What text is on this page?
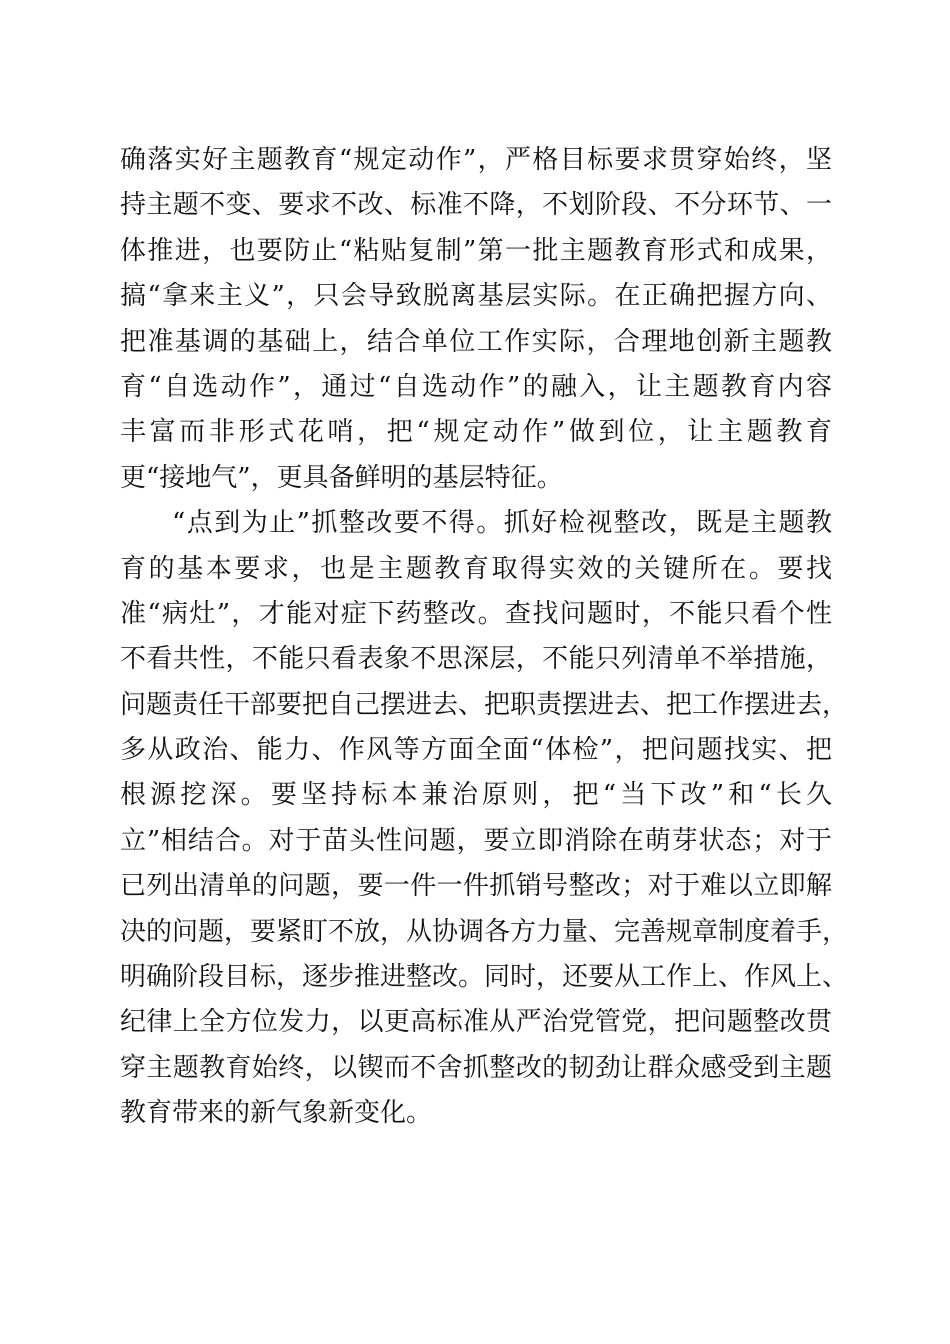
确落实好主题教育“规定动作”，严格目标要求贯穿始终，坚
持主题不变、要求不改、标准不降，不划阶段、不分环节、一
体推进，也要防止“粘贴复制”第一批主题教育形式和成果，
搞“拿来主义”，只会导致脱离基层实际。在正确把握方向、
把准基调的基础上，结合单位工作实际，合理地创新主题教
育“自选动作”，通过“自选动作”的融入，让主题教育内容
丰富而非形式花哨，把“规定动作”做到位，让主题教育
更“接地气”，更具备鲜明的基层特征。
“点到为止”抓整改要不得。抓好检视整改，既是主题教
育的基本要求，也是主题教育取得实效的关键所在。要找
准“病灶”，才能对症下药整改。查找问题时，不能只看个性
不看共性，不能只看表象不思深层，不能只列清单不举措施，
问题责任干部要把自己摆进去、把职责摆进去、把工作摆进去，
多从政治、能力、作风等方面全面“体检”，把问题找实、把
根源挖深。要坚持标本兼治原则，把“当下改”和“长久
立”相结合。对于苗头性问题，要立即消除在萌芽状态；对于
已列出清单的问题，要一件一件抓销号整改；对于难以立即解
决的问题，要紧盯不放，从协调各方力量、完善规章制度着手，
明确阶段目标，逐步推进整改。同时，还要从工作上、作风上、
纪律上全方位发力，以更高标准从严治党管党，把问题整改贯
穿主题教育始终，以锲而不舍抓整改的韧劲让群众感受到主题
教育带来的新气象新变化。
